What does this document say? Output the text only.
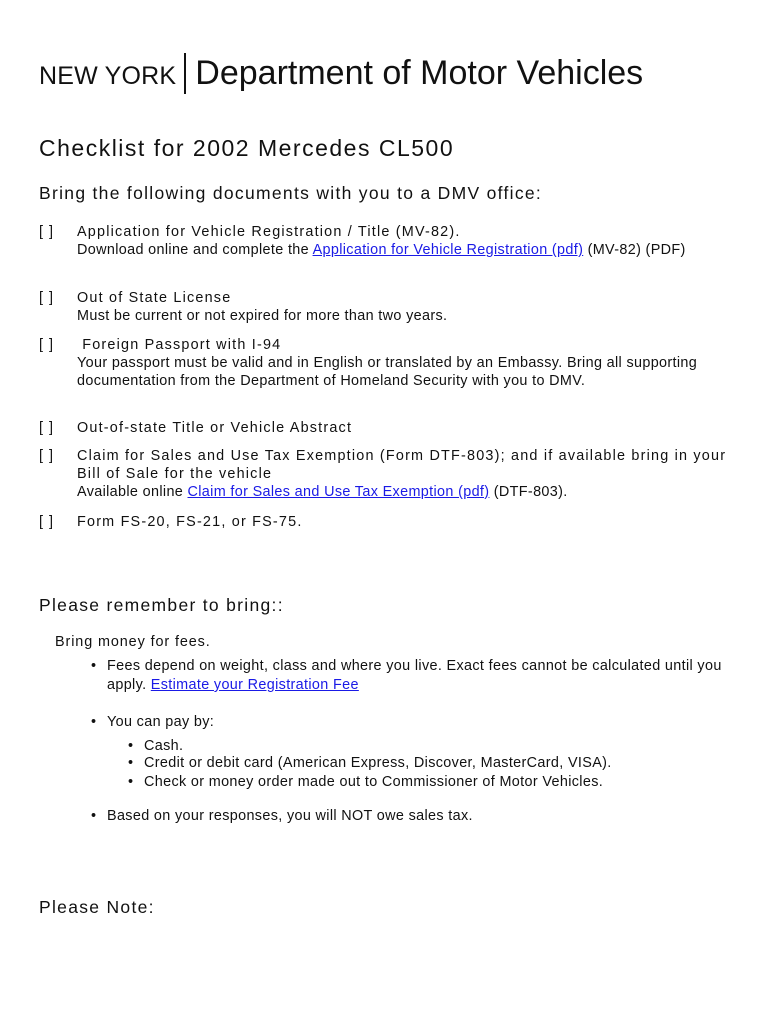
NEW YORK Department of Motor Vehicles
Checklist for 2002 Mercedes CL500
Bring the following documents with you to a DMV office:
[ ] Application for Vehicle Registration / Title (MV-82).
Download online and complete the Application for Vehicle Registration (pdf) (MV-82) (PDF)
[ ] Out of State License
Must be current or not expired for more than two years.
[ ] Foreign Passport with I-94
Your passport must be valid and in English or translated by an Embassy. Bring all supporting documentation from the Department of Homeland Security with you to DMV.
[ ] Out-of-state Title or Vehicle Abstract
[ ] Claim for Sales and Use Tax Exemption (Form DTF-803); and if available bring in your Bill of Sale for the vehicle
Available online Claim for Sales and Use Tax Exemption (pdf) (DTF-803).
[ ] Form FS-20, FS-21, or FS-75.
Please remember to bring::
Bring money for fees.
• Fees depend on weight, class and where you live. Exact fees cannot be calculated until you apply. Estimate your Registration Fee
• You can pay by:
• Cash.
• Credit or debit card (American Express, Discover, MasterCard, VISA).
• Check or money order made out to Commissioner of Motor Vehicles.
• Based on your responses, you will NOT owe sales tax.
Please Note:
